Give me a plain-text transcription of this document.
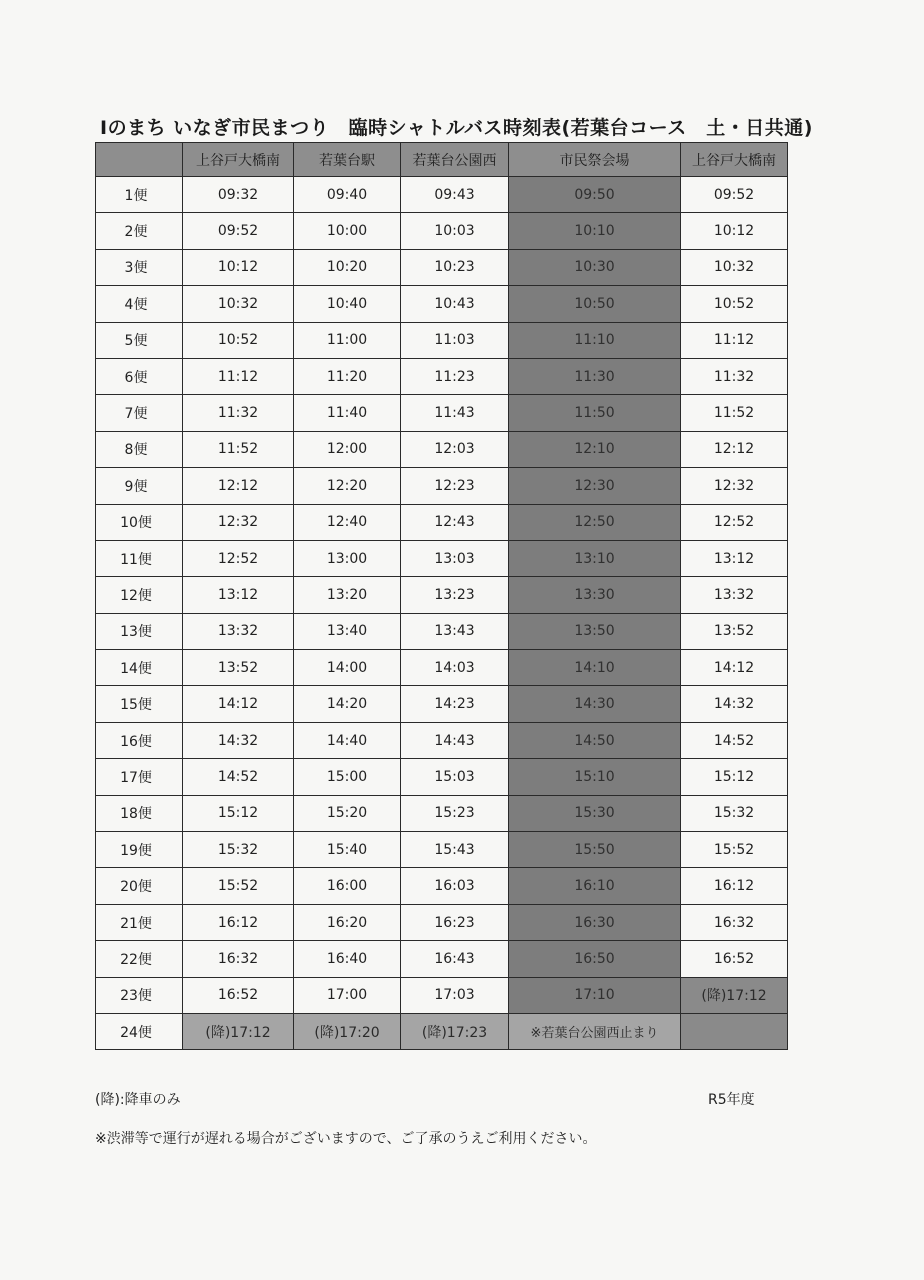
Iのまち いなぎ市民まつり　臨時シャトルバス時刻表(若葉台コース　土・日共通)
	上谷戸大橋南	若葉台駅	若葉台公園西	市民祭会場	上谷戸大橋南
1便	09:32	09:40	09:43	09:50	09:52
2便	09:52	10:00	10:03	10:10	10:12
3便	10:12	10:20	10:23	10:30	10:32
4便	10:32	10:40	10:43	10:50	10:52
5便	10:52	11:00	11:03	11:10	11:12
6便	11:12	11:20	11:23	11:30	11:32
7便	11:32	11:40	11:43	11:50	11:52
8便	11:52	12:00	12:03	12:10	12:12
9便	12:12	12:20	12:23	12:30	12:32
10便	12:32	12:40	12:43	12:50	12:52
11便	12:52	13:00	13:03	13:10	13:12
12便	13:12	13:20	13:23	13:30	13:32
13便	13:32	13:40	13:43	13:50	13:52
14便	13:52	14:00	14:03	14:10	14:12
15便	14:12	14:20	14:23	14:30	14:32
16便	14:32	14:40	14:43	14:50	14:52
17便	14:52	15:00	15:03	15:10	15:12
18便	15:12	15:20	15:23	15:30	15:32
19便	15:32	15:40	15:43	15:50	15:52
20便	15:52	16:00	16:03	16:10	16:12
21便	16:12	16:20	16:23	16:30	16:32
22便	16:32	16:40	16:43	16:50	16:52
23便	16:52	17:00	17:03	17:10	(降)17:12
24便	(降)17:12	(降)17:20	(降)17:23	※若葉台公園西止まり	
(降):降車のみ	R5年度
※渋滞等で運行が遅れる場合がございますので、ご了承のうえご利用ください。
